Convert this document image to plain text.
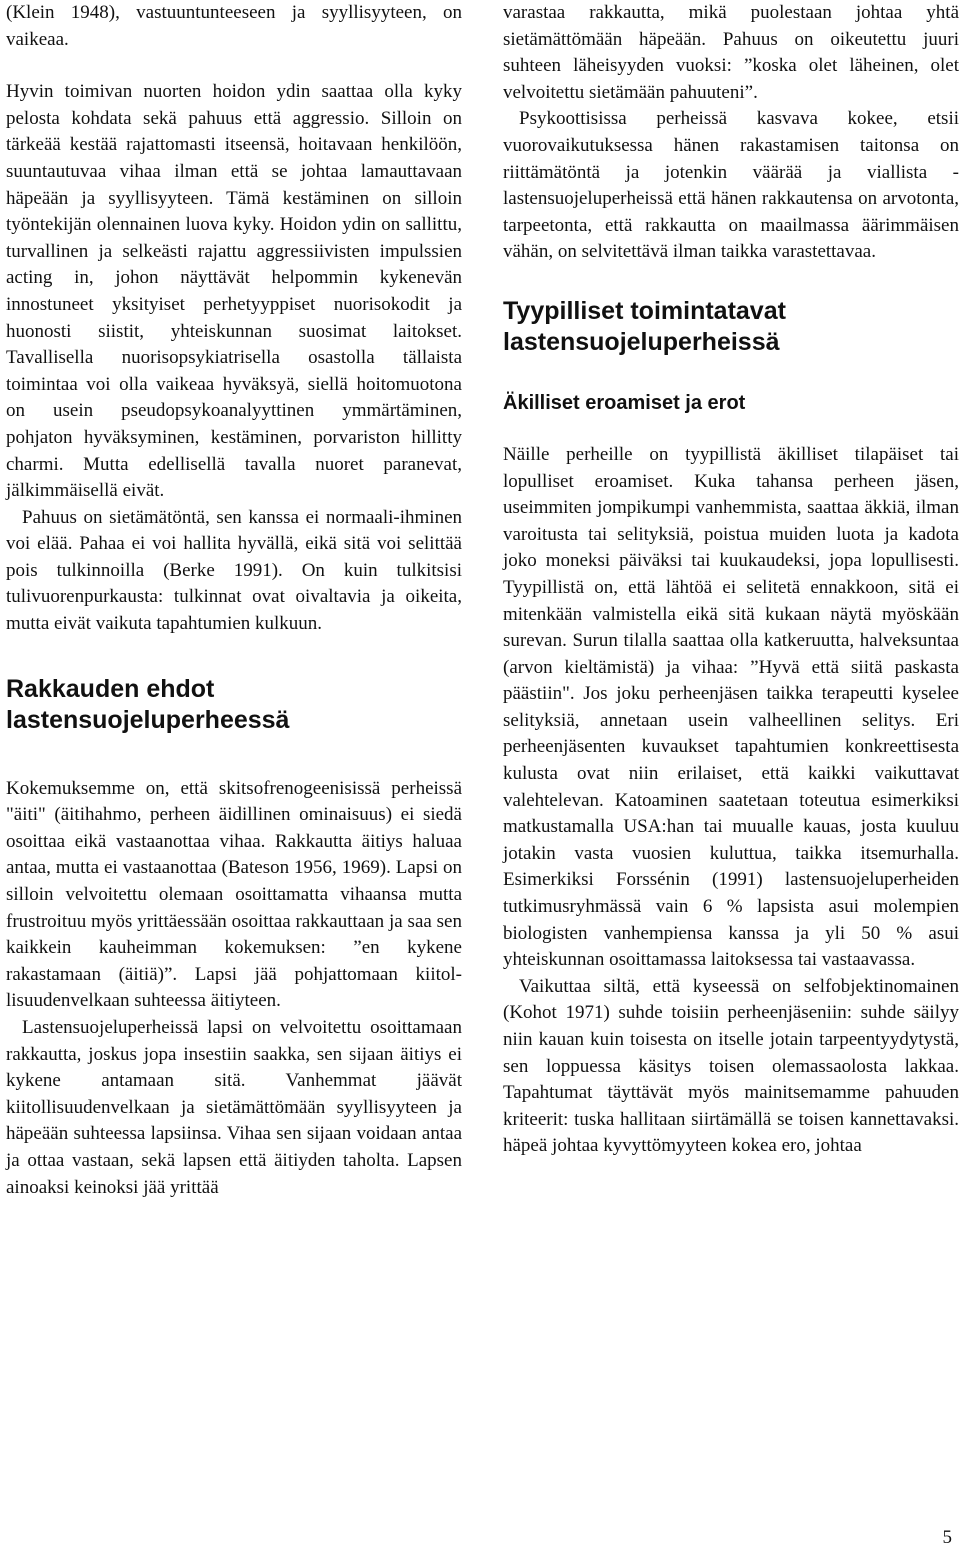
(Klein 1948), vastuuntunteeseen ja syyllisyyteen, on vaikeaa.

Hyvin toimivan nuorten hoidon ydin saattaa olla kyky pelosta kohdata sekä pahuus että aggressio. Silloin on tärkeää kestää rajattomasti itseensä, hoitavaan henkilöön, suuntautuvaa vihaa ilman että se johtaa lamauttavaan häpeään ja syyllisyyteen. Tämä kestäminen on silloin työntekijän olennainen luova kyky. Hoidon ydin on sallittu, turvallinen ja selkeästi rajattu aggressiivisten impulssien acting in, johon näyttävät helpommin kykenevän innostuneet yksityiset perhetyyppiset nuorisokodit ja huonosti siistit, yhteiskunnan suosimat laitokset. Tavallisella nuorisopsykiatrisella osastolla tällaista toimintaa voi olla vaikeaa hyväksyä, siellä hoitomuotona on usein pseudopsykoanalyyttinen ymmärtäminen, pohjaton hyväksyminen, kestäminen, porvariston hillitty charmi. Mutta edellisellä tavalla nuoret paranevat, jälkimmäisellä eivät.

Pahuus on sietämätöntä, sen kanssa ei normaali-ihminen voi elää. Pahaa ei voi hallita hyvällä, eikä sitä voi selittää pois tulkinnoilla (Berke 1991). On kuin tulkitsisi tulivuorenpurkausta: tulkinnat ovat oivaltavia ja oikeita, mutta eivät vaikuta tapahtumien kulkuun.

Rakkauden ehdot lastensuojeluperheessä

Kokemuksemme on, että skitsofrenogeenisissä perheissä "äiti" (äitihahmo, perheen äidillinen ominaisuus) ei siedä osoittaa eikä vastaanottaa vihaa. Rakkautta äitiys haluaa antaa, mutta ei vastaanottaa (Bateson 1956, 1969). Lapsi on silloin velvoitettu olemaan osoittamatta vihaansa mutta frustroituu myös yrittäessään osoittaa rakkauttaan ja saa sen kaikkein kauheimman kokemuksen: ”en kykene rakastamaan (äitiä)”. Lapsi jää pohjattomaan kiitollisuudenvelkaan suhteessa äitiyteen.

Lastensuojeluperheissä lapsi on velvoitettu osoittamaan rakkautta, joskus jopa insestiin saakka, sen sijaan äitiys ei kykene antamaan sitä. Vanhemmat jäävät kiitollisuudenvelkaan ja sietämättömään syyllisyyteen ja häpeään suhteessa lapsiinsa. Vihaa sen sijaan voidaan antaa ja ottaa vastaan, sekä lapsen että äitiyden taholta. Lapsen ainoaksi keinoksi jää yrittää

varastaa rakkautta, mikä puolestaan johtaa yhtä sietämättömään häpeään. Pahuus on oikeutettu juuri suhteen läheisyyden vuoksi: ”koska olet läheinen, olet velvoitettu sietämään pahuuteni”.

Psykoottisissa perheissä kasvava kokee, etsii vuorovaikutuksessa hänen rakastamisen taitonsa on riittämätöntä ja jotenkin väärää ja viallista - lastensuojeluperheissä että hänen rakkautensa on arvotonta, tarpeetonta, että rakkautta on maailmassa äärimmäisen vähän, on selvitettävä ilman taikka varastettavaa.

Tyypilliset toimintatavat lastensuojeluperheissä
Äkilliset eroamiset ja erot

Näille perheille on tyypillistä äkilliset tilapäiset tai lopulliset eroamiset. Kuka tahansa perheen jäsen, useimmiten jompikumpi vanhemmista, saattaa äkkiä, ilman varoitusta tai selityksiä, poistua muiden luota ja kadota joko moneksi päiväksi tai kuukaudeksi, jopa lopullisesti. Tyypillistä on, että lähtöä ei selitetä ennakkoon, sitä ei mitenkään valmistella eikä sitä kukaan näytä myöskään surevan. Surun tilalla saattaa olla katkeruutta, halveksuntaa (arvon kieltämistä) ja vihaa: ”Hyvä että siitä paskasta päästiin". Jos joku perheenjäsen taikka terapeutti kyselee selityksiä, annetaan usein valheellinen selitys. Eri perheenjäsenten kuvaukset tapahtumien konkreettisesta kulusta ovat niin erilaiset, että kaikki vaikuttavat valehtelevan. Katoaminen saatetaan toteutua esimerkiksi matkustamalla USA:han tai muualle kauas, josta kuuluu jotakin vasta vuosien kuluttua, taikka itsemurhalla. Esimerkiksi Forssénin (1991) lastensuojeluperheiden tutkimusryhmässä vain 6 % lapsista asui molempien biologisten vanhempiensa kanssa ja yli 50 % asui yhteiskunnan osoittamassa laitoksessa tai vastaavassa.

Vaikuttaa siltä, että kyseessä on selfobjektinomainen (Kohot 1971) suhde toisiin perheenjäseniin: suhde säilyy niin kauan kuin toisesta on itselle jotain tarpeentyydytystä, sen loppuessa käsitys toisen olemassaolosta lakkaa. Tapahtumat täyttävät myös mainitsemamme pahuuden kriteerit: tuska hallitaan siirtämällä se toisen kannettavaksi. häpeä johtaa kyvyttömyyteen kokea ero, johtaa

5
